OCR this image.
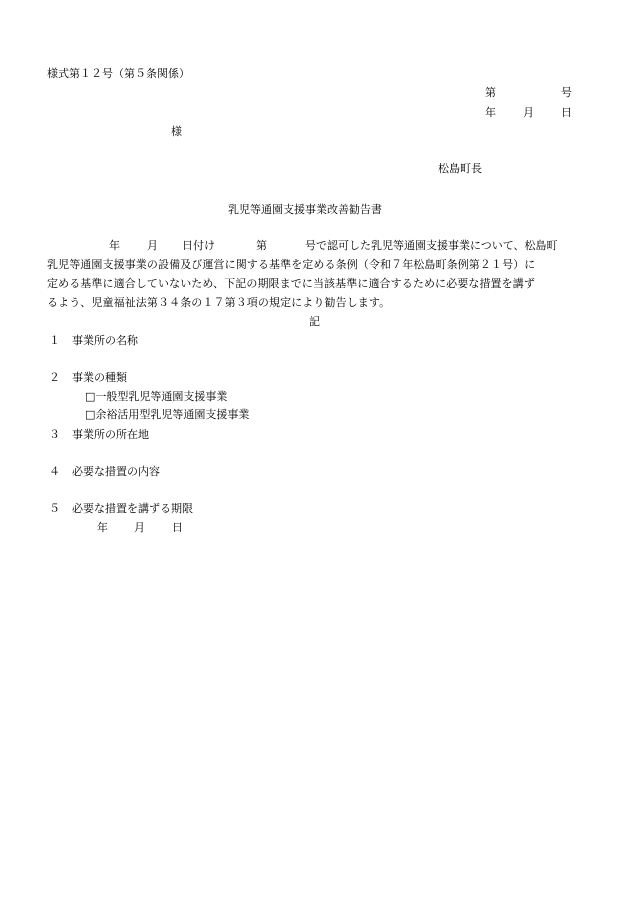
様式第１２号（第５条関係）
第	号
年 月 日
様
松島町長
乳児等通園支援事業改善勧告書
年 月 日付け	第	号で認可した乳児等通園支援事業について、松島町
乳児等通園支援事業の設備及び運営に関する基準を定める条例（令和７年松島町条例第２１号）に
定める基準に適合していないため、下記の期限までに当該基準に適合するために必要な措置を講ず
るよう、児童福祉法第３４条の１７第３項の規定により勧告します。
記
１ 事業所の名称
２ 事業の種類
□一般型乳児等通園支援事業
□余裕活用型乳児等通園支援事業
３ 事業所の所在地
４ 必要な措置の内容
５ 必要な措置を講ずる期限
年 月 日
